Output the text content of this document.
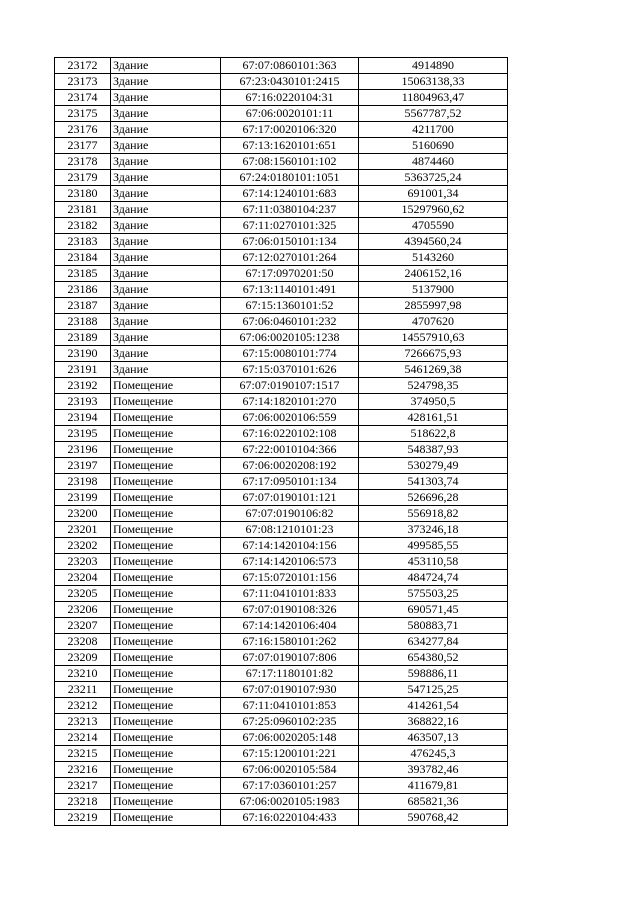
23172	Здание	67:07:0860101:363	4914890
23173	Здание	67:23:0430101:2415	15063138,33
23174	Здание	67:16:0220104:31	11804963,47
23175	Здание	67:06:0020101:11	5567787,52
23176	Здание	67:17:0020106:320	4211700
23177	Здание	67:13:1620101:651	5160690
23178	Здание	67:08:1560101:102	4874460
23179	Здание	67:24:0180101:1051	5363725,24
23180	Здание	67:14:1240101:683	691001,34
23181	Здание	67:11:0380104:237	15297960,62
23182	Здание	67:11:0270101:325	4705590
23183	Здание	67:06:0150101:134	4394560,24
23184	Здание	67:12:0270101:264	5143260
23185	Здание	67:17:0970201:50	2406152,16
23186	Здание	67:13:1140101:491	5137900
23187	Здание	67:15:1360101:52	2855997,98
23188	Здание	67:06:0460101:232	4707620
23189	Здание	67:06:0020105:1238	14557910,63
23190	Здание	67:15:0080101:774	7266675,93
23191	Здание	67:15:0370101:626	5461269,38
23192	Помещение	67:07:0190107:1517	524798,35
23193	Помещение	67:14:1820101:270	374950,5
23194	Помещение	67:06:0020106:559	428161,51
23195	Помещение	67:16:0220102:108	518622,8
23196	Помещение	67:22:0010104:366	548387,93
23197	Помещение	67:06:0020208:192	530279,49
23198	Помещение	67:17:0950101:134	541303,74
23199	Помещение	67:07:0190101:121	526696,28
23200	Помещение	67:07:0190106:82	556918,82
23201	Помещение	67:08:1210101:23	373246,18
23202	Помещение	67:14:1420104:156	499585,55
23203	Помещение	67:14:1420106:573	453110,58
23204	Помещение	67:15:0720101:156	484724,74
23205	Помещение	67:11:0410101:833	575503,25
23206	Помещение	67:07:0190108:326	690571,45
23207	Помещение	67:14:1420106:404	580883,71
23208	Помещение	67:16:1580101:262	634277,84
23209	Помещение	67:07:0190107:806	654380,52
23210	Помещение	67:17:1180101:82	598886,11
23211	Помещение	67:07:0190107:930	547125,25
23212	Помещение	67:11:0410101:853	414261,54
23213	Помещение	67:25:0960102:235	368822,16
23214	Помещение	67:06:0020205:148	463507,13
23215	Помещение	67:15:1200101:221	476245,3
23216	Помещение	67:06:0020105:584	393782,46
23217	Помещение	67:17:0360101:257	411679,81
23218	Помещение	67:06:0020105:1983	685821,36
23219	Помещение	67:16:0220104:433	590768,42
